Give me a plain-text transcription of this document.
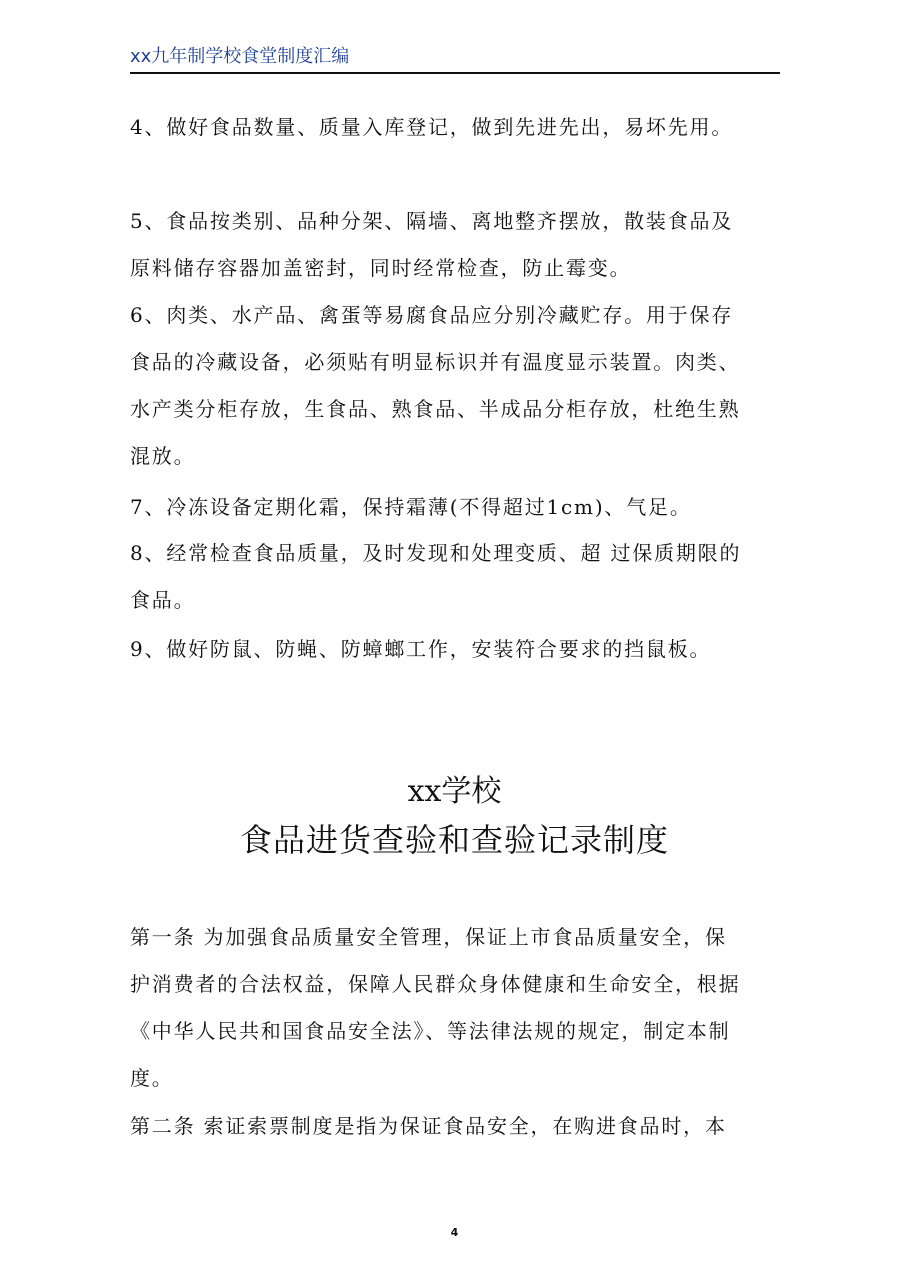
xx九年制学校食堂制度汇编

4、做好食品数量、质量入库登记，做到先进先出，易坏先用。

5、食品按类别、品种分架、隔墙、离地整齐摆放，散装食品及
原料储存容器加盖密封，同时经常检查，防止霉变。

6、肉类、水产品、禽蛋等易腐食品应分别冷藏贮存。用于保存
食品的冷藏设备，必须贴有明显标识并有温度显示装置。肉类、
水产类分柜存放，生食品、熟食品、半成品分柜存放，杜绝生熟
混放。

7、冷冻设备定期化霜，保持霜薄(不得超过1cm)、气足。

8、经常检查食品质量，及时发现和处理变质、超 过保质期限的
食品。

9、做好防鼠、防蝇、防蟑螂工作，安装符合要求的挡鼠板。

xx学校
食品进货查验和查验记录制度

第一条 为加强食品质量安全管理，保证上市食品质量安全，保
护消费者的合法权益，保障人民群众身体健康和生命安全，根据
《中华人民共和国食品安全法》、等法律法规的规定，制定本制
度。

第二条 索证索票制度是指为保证食品安全，在购进食品时，本

4
